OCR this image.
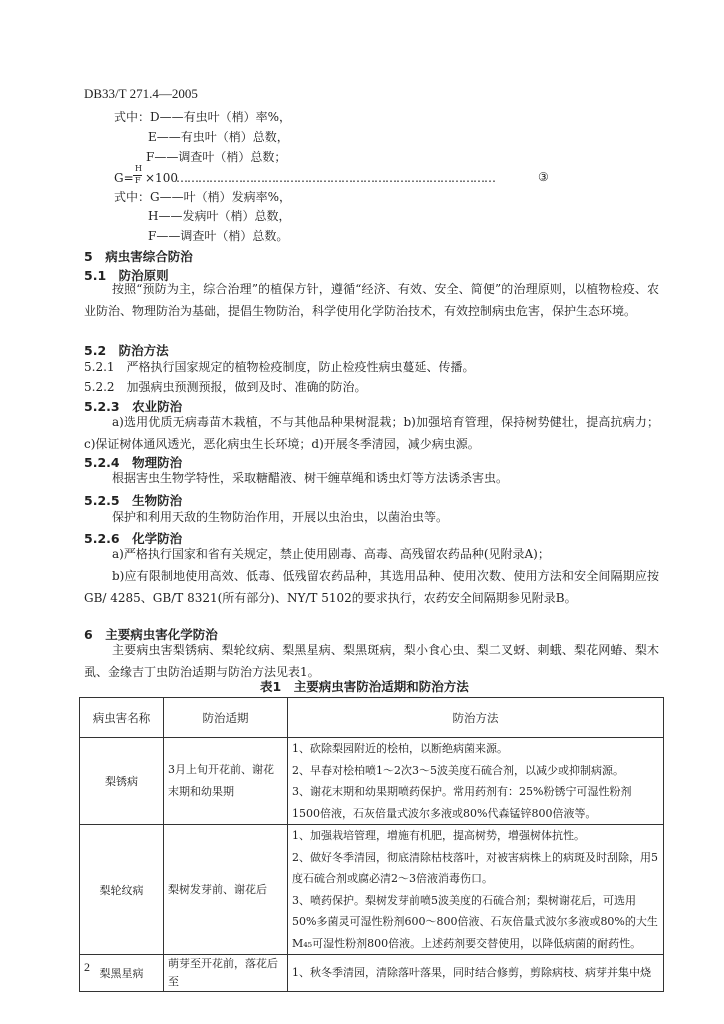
DB33/T 271.4—2005
式中：D——有虫叶（梢）率%，
E——有虫叶（梢）总数，
F——调查叶（梢）总数；
G=
H
F ×100
……………………………………………………………………………	③
式中：G——叶（梢）发病率%，
H——发病叶（梢）总数，
F——调查叶（梢）总数。
5　病虫害综合防治
5.1　防治原则
按照“预防为主，综合治理”的植保方针，遵循“经济、有效、安全、简便”的治理原则，以植物检疫、农业防治、物理防治为基础，提倡生物防治，科学使用化学防治技术，有效控制病虫危害，保护生态环境。
5.2　防治方法
5.2.1　严格执行国家规定的植物检疫制度，防止检疫性病虫蔓延、传播。
5.2.2　加强病虫预测预报，做到及时、准确的防治。
5.2.3　农业防治
a)选用优质无病毒苗木栽植，不与其他品种果树混栽；b)加强培育管理，保持树势健壮，提高抗病力；c)保证树体通风透光，恶化病虫生长环境；d)开展冬季清园，减少病虫源。
5.2.4　物理防治
根据害虫生物学特性，采取糖醋液、树干缠草绳和诱虫灯等方法诱杀害虫。
5.2.5　生物防治
保护和利用天敌的生物防治作用，开展以虫治虫，以菌治虫等。
5.2.6　化学防治
a)严格执行国家和省有关规定，禁止使用剧毒、高毒、高残留农药品种(见附录A)；
b)应有限制地使用高效、低毒、低残留农药品种，其选用品种、使用次数、使用方法和安全间隔期应按GB/ 4285、GB/T 8321(所有部分)、NY/T 5102的要求执行，农药安全间隔期参见附录B。
6　主要病虫害化学防治
主要病虫害梨锈病、梨轮纹病、梨黑星病、梨黑斑病，梨小食心虫、梨二叉蚜、刺蛾、梨花网蝽、梨木虱、金缘吉丁虫防治适期与防治方法见表1。
表1　主要病虫害防治适期和防治方法
病虫害名称	防治适期	防治方法
梨锈病	3月上旬开花前、谢花末期和幼果期	1、砍除梨园附近的桧柏，以断绝病菌来源。
2、早春对桧柏喷1～2次3～5波美度石硫合剂，以减少或抑制病源。
3、谢花末期和幼果期喷药保护。常用药剂有：25%粉锈宁可湿性粉剂1500倍液，石灰倍量式波尔多液或80%代森锰锌800倍液等。

梨轮纹病	梨树发芽前、谢花后	1、加强栽培管理，增施有机肥，提高树势，增强树体抗性。
2、做好冬季清园，彻底清除枯枝落叶，对被害病株上的病斑及时刮除，用5度石硫合剂或腐必清2～3倍液消毒伤口。
3、喷药保护。梨树发芽前喷5波美度的石硫合剂；梨树谢花后，可选用50%多菌灵可湿性粉剂600～800倍液、石灰倍量式波尔多液或80%的大生M₄₅可湿性粉剂800倍液。上述药剂要交替使用，以降低病菌的耐药性。

梨黑星病	萌芽至开花前，落花后至	1、秋冬季清园，清除落叶落果，同时结合修剪，剪除病枝、病芽并集中烧
2
